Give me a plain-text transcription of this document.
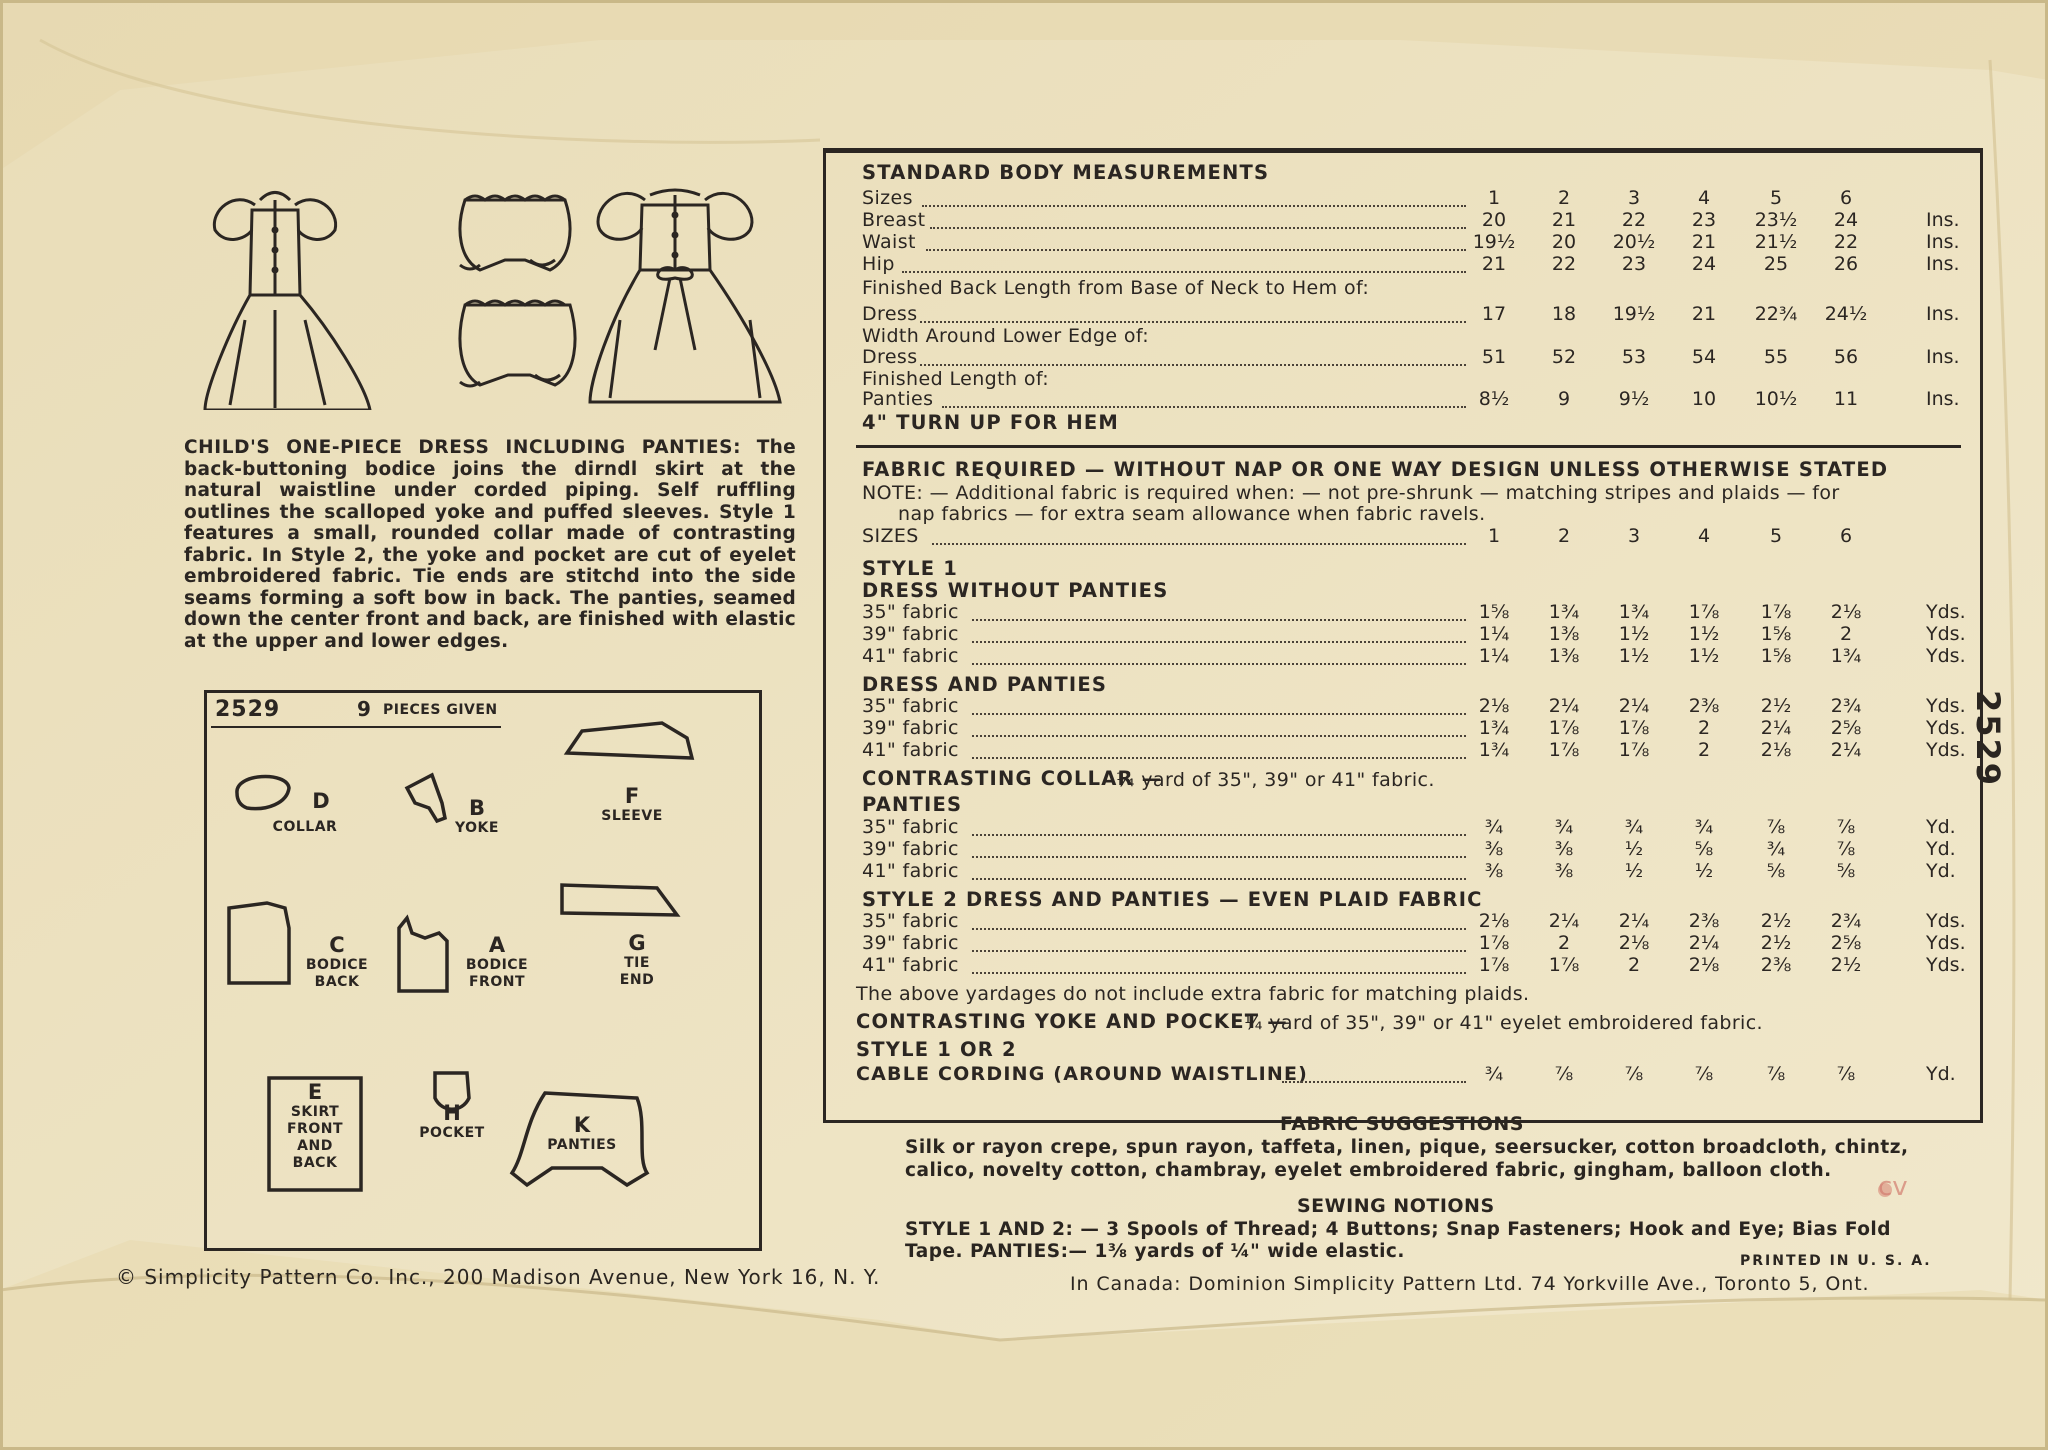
cv
CHILD'S ONE-PIECE DRESS INCLUDING PANTIES: The back-buttoning bodice joins the dirndl skirt at the natural waistline under corded piping. Self ruffling outlines the scalloped yoke and puffed sleeves. Style 1 features a small, rounded collar made of contrasting fabric. In Style 2, the yoke and pocket are cut of eyelet embroidered fabric. Tie ends are stitchd into the side seams forming a soft bow in back. The panties, seamed down the center front and back, are finished with elastic at the upper and lower edges.
2529	9 PIECES GIVEN
D
COLLAR
B
YOKE
F
SLEEVE
C
BODICE BACK
A
BODICE FRONT
G
TIE END
E
SKIRT FRONT AND BACK
H
POCKET	K
PANTIES
STANDARD BODY MEASUREMENTS
Sizes	1	2	3	4	5	6
Breast	20	21	22	23	23½	24	Ins.
Waist	19½	20	20½	21	21½	22	Ins.
Hip	21	22	23	24	25	26	Ins.
Finished Back Length from Base of Neck to Hem of:
Dress	17	18	19½	21	22¾	24½	Ins.
Width Around Lower Edge of:
Dress	51	52	53	54	55	56	Ins.
Finished Length of:
Panties	8½	9	9½	10	10½	11	Ins.
4" TURN UP FOR HEM
FABRIC REQUIRED — WITHOUT NAP OR ONE WAY DESIGN UNLESS OTHERWISE STATED
NOTE: — Additional fabric is required when: — not pre-shrunk — matching stripes and plaids — for
nap fabrics — for extra seam allowance when fabric ravels.
SIZES	1	2	3	4	5	6
STYLE 1
DRESS WITHOUT PANTIES
35" fabric	1⅝	1¾	1¾	1⅞	1⅞	2⅛	Yds.
39" fabric	1¼	1⅜	1½	1½	1⅝	2	Yds.
41" fabric	1¼	1⅜	1½	1½	1⅝	1¾	Yds.
DRESS AND PANTIES
35" fabric	2⅛	2¼	2¼	2⅜	2½	2¾	Yds.
39" fabric	1¾	1⅞	1⅞	2	2¼	2⅝	Yds.
41" fabric	1¾	1⅞	1⅞	2	2⅛	2¼	Yds.
CONTRASTING COLLAR —
¼ yard of 35", 39" or 41" fabric.
PANTIES
35" fabric	¾	¾	¾	¾	⅞	⅞	Yd.
39" fabric	⅜	⅜	½	⅝	¾	⅞	Yd.
41" fabric	⅜	⅜	½	½	⅝	⅝	Yd.
STYLE 2 DRESS AND PANTIES — EVEN PLAID FABRIC
35" fabric	2⅛	2¼	2¼	2⅜	2½	2¾	Yds.
39" fabric	1⅞	2	2⅛	2¼	2½	2⅝	Yds.
41" fabric	1⅞	1⅞	2	2⅛	2⅜	2½	Yds.
The above yardages do not include extra fabric for matching plaids.
CONTRASTING YOKE AND POCKET —
¼ yard of 35", 39" or 41" eyelet embroidered fabric.
STYLE 1 OR 2
CABLE CORDING (AROUND WAISTLINE)	¾	⅞	⅞	⅞	⅞	⅞	Yd.
2529
FABRIC SUGGESTIONS
Silk or rayon crepe, spun rayon, taffeta, linen, pique, seersucker, cotton broadcloth, chintz,
calico, novelty cotton, chambray, eyelet embroidered fabric, gingham, balloon cloth.
SEWING NOTIONS
STYLE 1 AND 2: — 3 Spools of Thread; 4 Buttons; Snap Fasteners; Hook and Eye; Bias Fold
Tape. PANTIES:— 1⅜ yards of ¼" wide elastic.	PRINTED IN U. S. A.
© Simplicity Pattern Co. Inc., 200 Madison Avenue, New York 16, N. Y.	In Canada: Dominion Simplicity Pattern Ltd. 74 Yorkville Ave., Toronto 5, Ont.
